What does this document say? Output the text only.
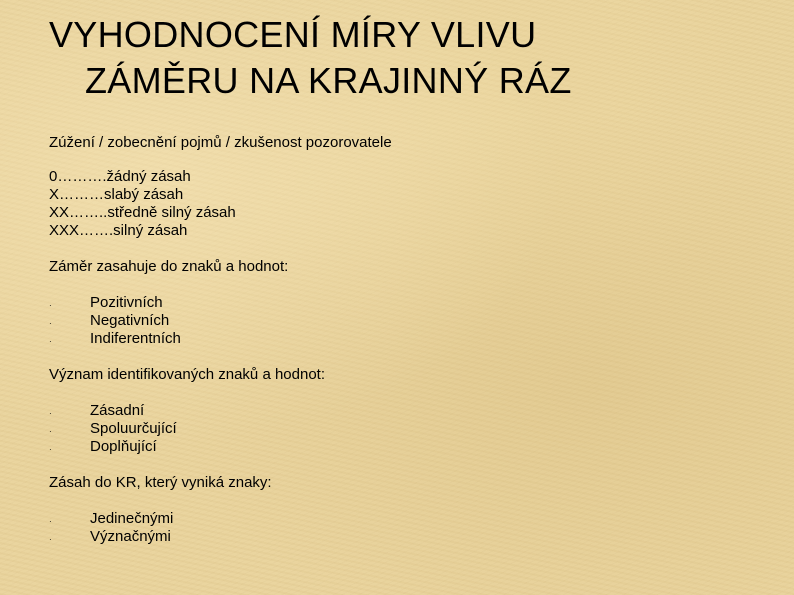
VYHODNOCENÍ MÍRY VLIVU
ZÁMĚRU NA KRAJINNÝ RÁZ
Zúžení / zobecnění pojmů / zkušenost pozorovatele
0……….žádný zásah
X………slabý zásah
XX……..středně silný zásah
XXX…….silný zásah
Záměr zasahuje do znaků a hodnot:
·	Pozitivních
·	Negativních
·	Indiferentních
Význam identifikovaných znaků a hodnot:
·	Zásadní
·	Spoluurčující
·	Doplňující
Zásah do KR, který vyniká znaky:
·	Jedinečnými
·	Význačnými
